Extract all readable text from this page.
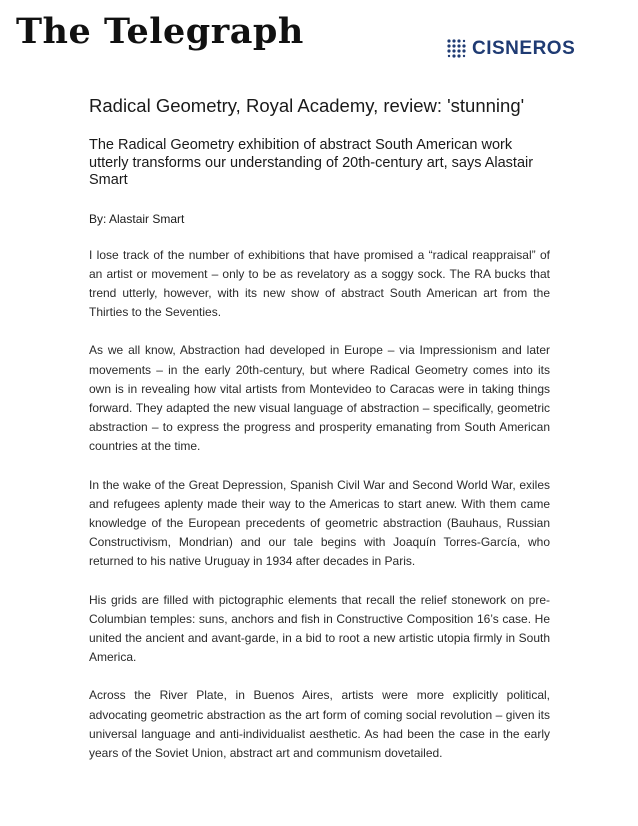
The Telegraph	CISNEROS
Radical Geometry, Royal Academy, review: 'stunning'
The Radical Geometry exhibition of abstract South American work utterly transforms our understanding of 20th-century art, says Alastair Smart
By: Alastair Smart

I lose track of the number of exhibitions that have promised a “radical reappraisal” of an artist or movement – only to be as revelatory as a soggy sock. The RA bucks that trend utterly, however, with its new show of abstract South American art from the Thirties to the Seventies.

As we all know, Abstraction had developed in Europe – via Impressionism and later movements – in the early 20th-century, but where Radical Geometry comes into its own is in revealing how vital artists from Montevideo to Caracas were in taking things forward. They adapted the new visual language of abstraction – specifically, geometric abstraction – to express the progress and prosperity emanating from South American countries at the time.

In the wake of the Great Depression, Spanish Civil War and Second World War, exiles and refugees aplenty made their way to the Americas to start anew. With them came knowledge of the European precedents of geometric abstraction (Bauhaus, Russian Constructivism, Mondrian) and our tale begins with Joaquín Torres-García, who returned to his native Uruguay in 1934 after decades in Paris.

His grids are filled with pictographic elements that recall the relief stonework on pre-Columbian temples: suns, anchors and fish in Constructive Composition 16’s case. He united the ancient and avant-garde, in a bid to root a new artistic utopia firmly in South America.

Across the River Plate, in Buenos Aires, artists were more explicitly political, advocating geometric abstraction as the art form of coming social revolution – given its universal language and anti-individualist aesthetic. As had been the case in the early years of the Soviet Union, abstract art and communism dovetailed.
